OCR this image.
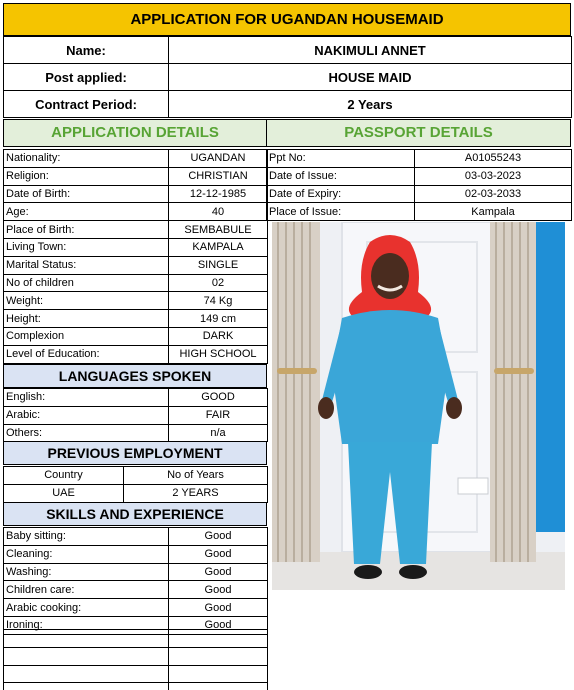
APPLICATION FOR UGANDAN HOUSEMAID
Name:	NAKIMULI ANNET
Post applied:	HOUSE MAID
Contract Period:	2 Years
APPLICATION DETAILS	PASSPORT DETAILS
Nationality:	UGANDAN
Religion:	CHRISTIAN
Date of Birth:	12-12-1985
Age:	40
Place of Birth:	SEMBABULE
Living Town:	KAMPALA
Marital Status:	SINGLE
No of children	02
Weight:	74 Kg
Height:	149 cm
Complexion	DARK
Level of Education:	HIGH SCHOOL
Ppt No:	A01055243
Date of Issue:	03-03-2023
Date of Expiry:	02-03-2033
Place of Issue:	Kampala
LANGUAGES SPOKEN
English:	GOOD
Arabic:	FAIR
Others:	n/a
PREVIOUS EMPLOYMENT
Country	No of Years
UAE	2 YEARS
SKILLS AND EXPERIENCE
Baby sitting:	Good
Cleaning:	Good
Washing:	Good
Children care:	Good
Arabic cooking:	Good
Ironing:	Good
